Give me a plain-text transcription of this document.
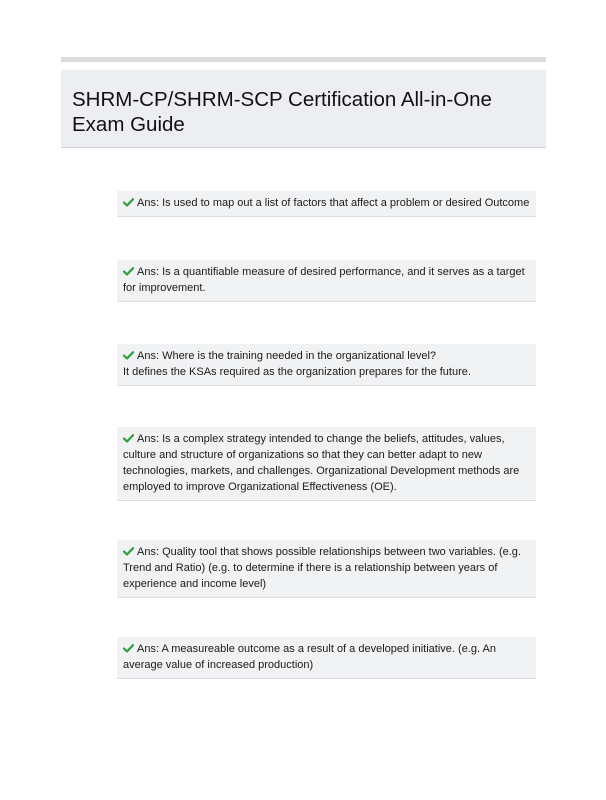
SHRM-CP/SHRM-SCP Certification All-in-One
Exam Guide
Ans: Is used to map out a list of factors that affect a problem or desired Outcome
Ans: Is a quantifiable measure of desired performance, and it serves as a target for improvement.
Ans: Where is the training needed in the organizational level?
It defines the KSAs required as the organization prepares for the future.
Ans: Is a complex strategy intended to change the beliefs, attitudes, values, culture and structure of organizations so that they can better adapt to new technologies, markets, and challenges. Organizational Development methods are employed to improve Organizational Effectiveness (OE).
Ans: Quality tool that shows possible relationships between two variables. (e.g. Trend and Ratio) (e.g. to determine if there is a relationship between years of experience and income level)
Ans: A measureable outcome as a result of a developed initiative. (e.g. An average value of increased production)
